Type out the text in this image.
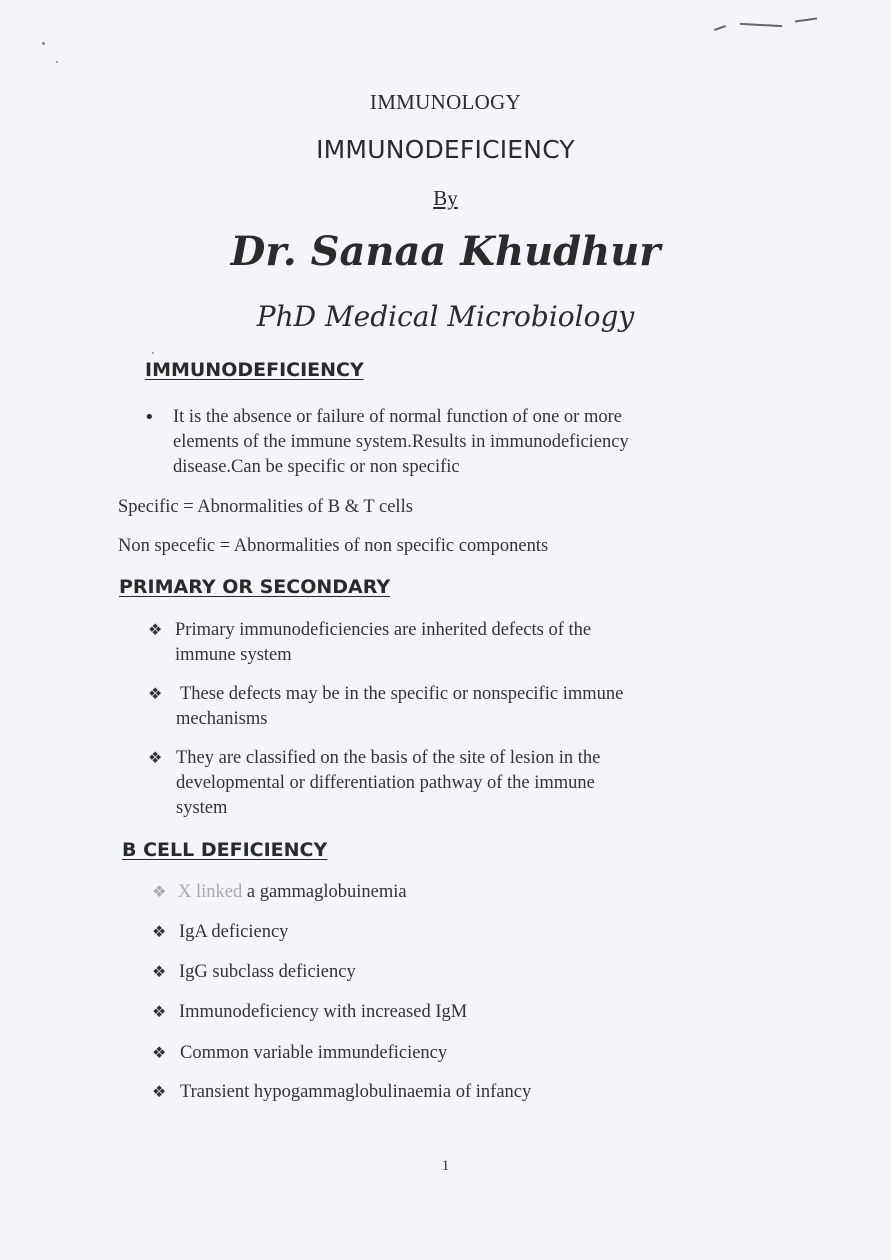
IMMUNOLOGY
IMMUNODEFICIENCY
By
Dr. Sanaa Khudhur
PhD Medical Microbiology
IMMUNODEFICIENCY
• It is the absence or failure of normal function of one or more
elements of the immune system.Results in immunodeficiency
disease.Can be specific or non specific
Specific = Abnormalities of B & T cells
Non specefic = Abnormalities of non specific components
PRIMARY OR SECONDARY
❖ Primary immunodeficiencies are inherited defects of the
immune system
❖ These defects may be in the specific or nonspecific immune
mechanisms
❖ They are classified on the basis of the site of lesion in the
developmental or differentiation pathway of the immune
system
B CELL DEFICIENCY
❖ X linked a gammaglobuinemia
❖ IgA deficiency
❖ IgG subclass deficiency
❖ Immunodeficiency with increased IgM
❖ Common variable immundeficiency
❖ Transient hypogammaglobulinaemia of infancy
1
